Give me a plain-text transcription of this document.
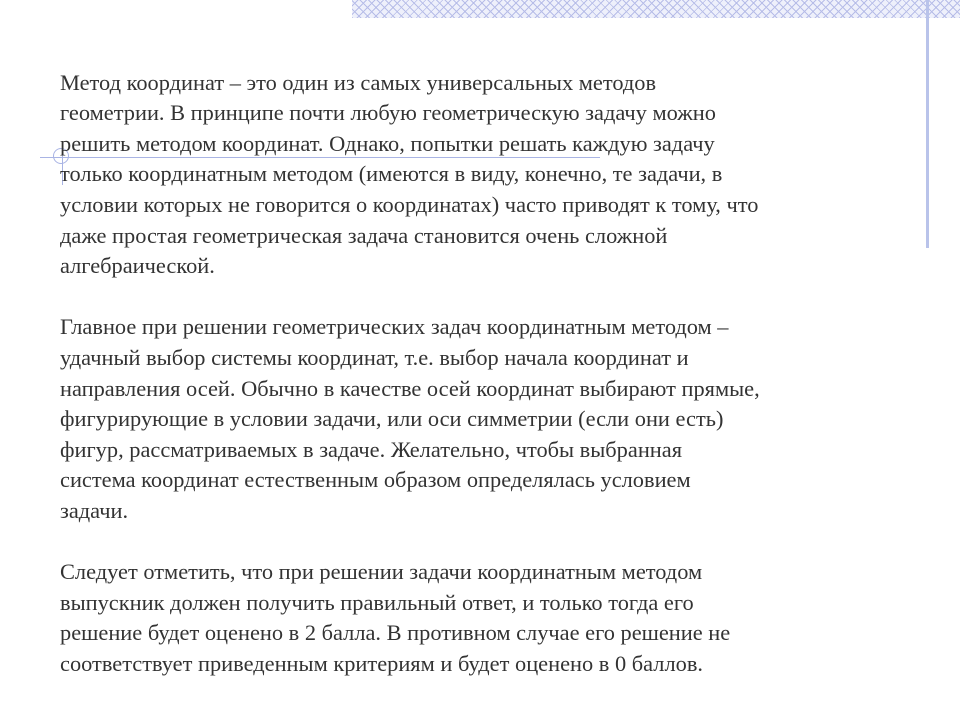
Метод координат – это один из самых универсальных методов
геометрии. В принципе почти любую геометрическую задачу можно
решить методом координат. Однако, попытки решать каждую задачу
только координатным методом (имеются в виду, конечно, те задачи, в
условии которых не говорится о координатах) часто приводят к тому, что
даже простая геометрическая задача становится очень сложной
алгебраической.

Главное при решении геометрических задач координатным методом –
удачный выбор системы координат, т.е. выбор начала координат и
направления осей. Обычно в качестве осей координат выбирают прямые,
фигурирующие в условии задачи, или оси симметрии (если они есть)
фигур, рассматриваемых в задаче. Желательно, чтобы выбранная
система координат естественным образом определялась условием
задачи.

Следует отметить, что при решении задачи координатным методом
выпускник должен получить правильный ответ, и только тогда его
решение будет оценено в 2 балла. В противном случае его решение не
соответствует приведенным критериям и будет оценено в 0 баллов.
